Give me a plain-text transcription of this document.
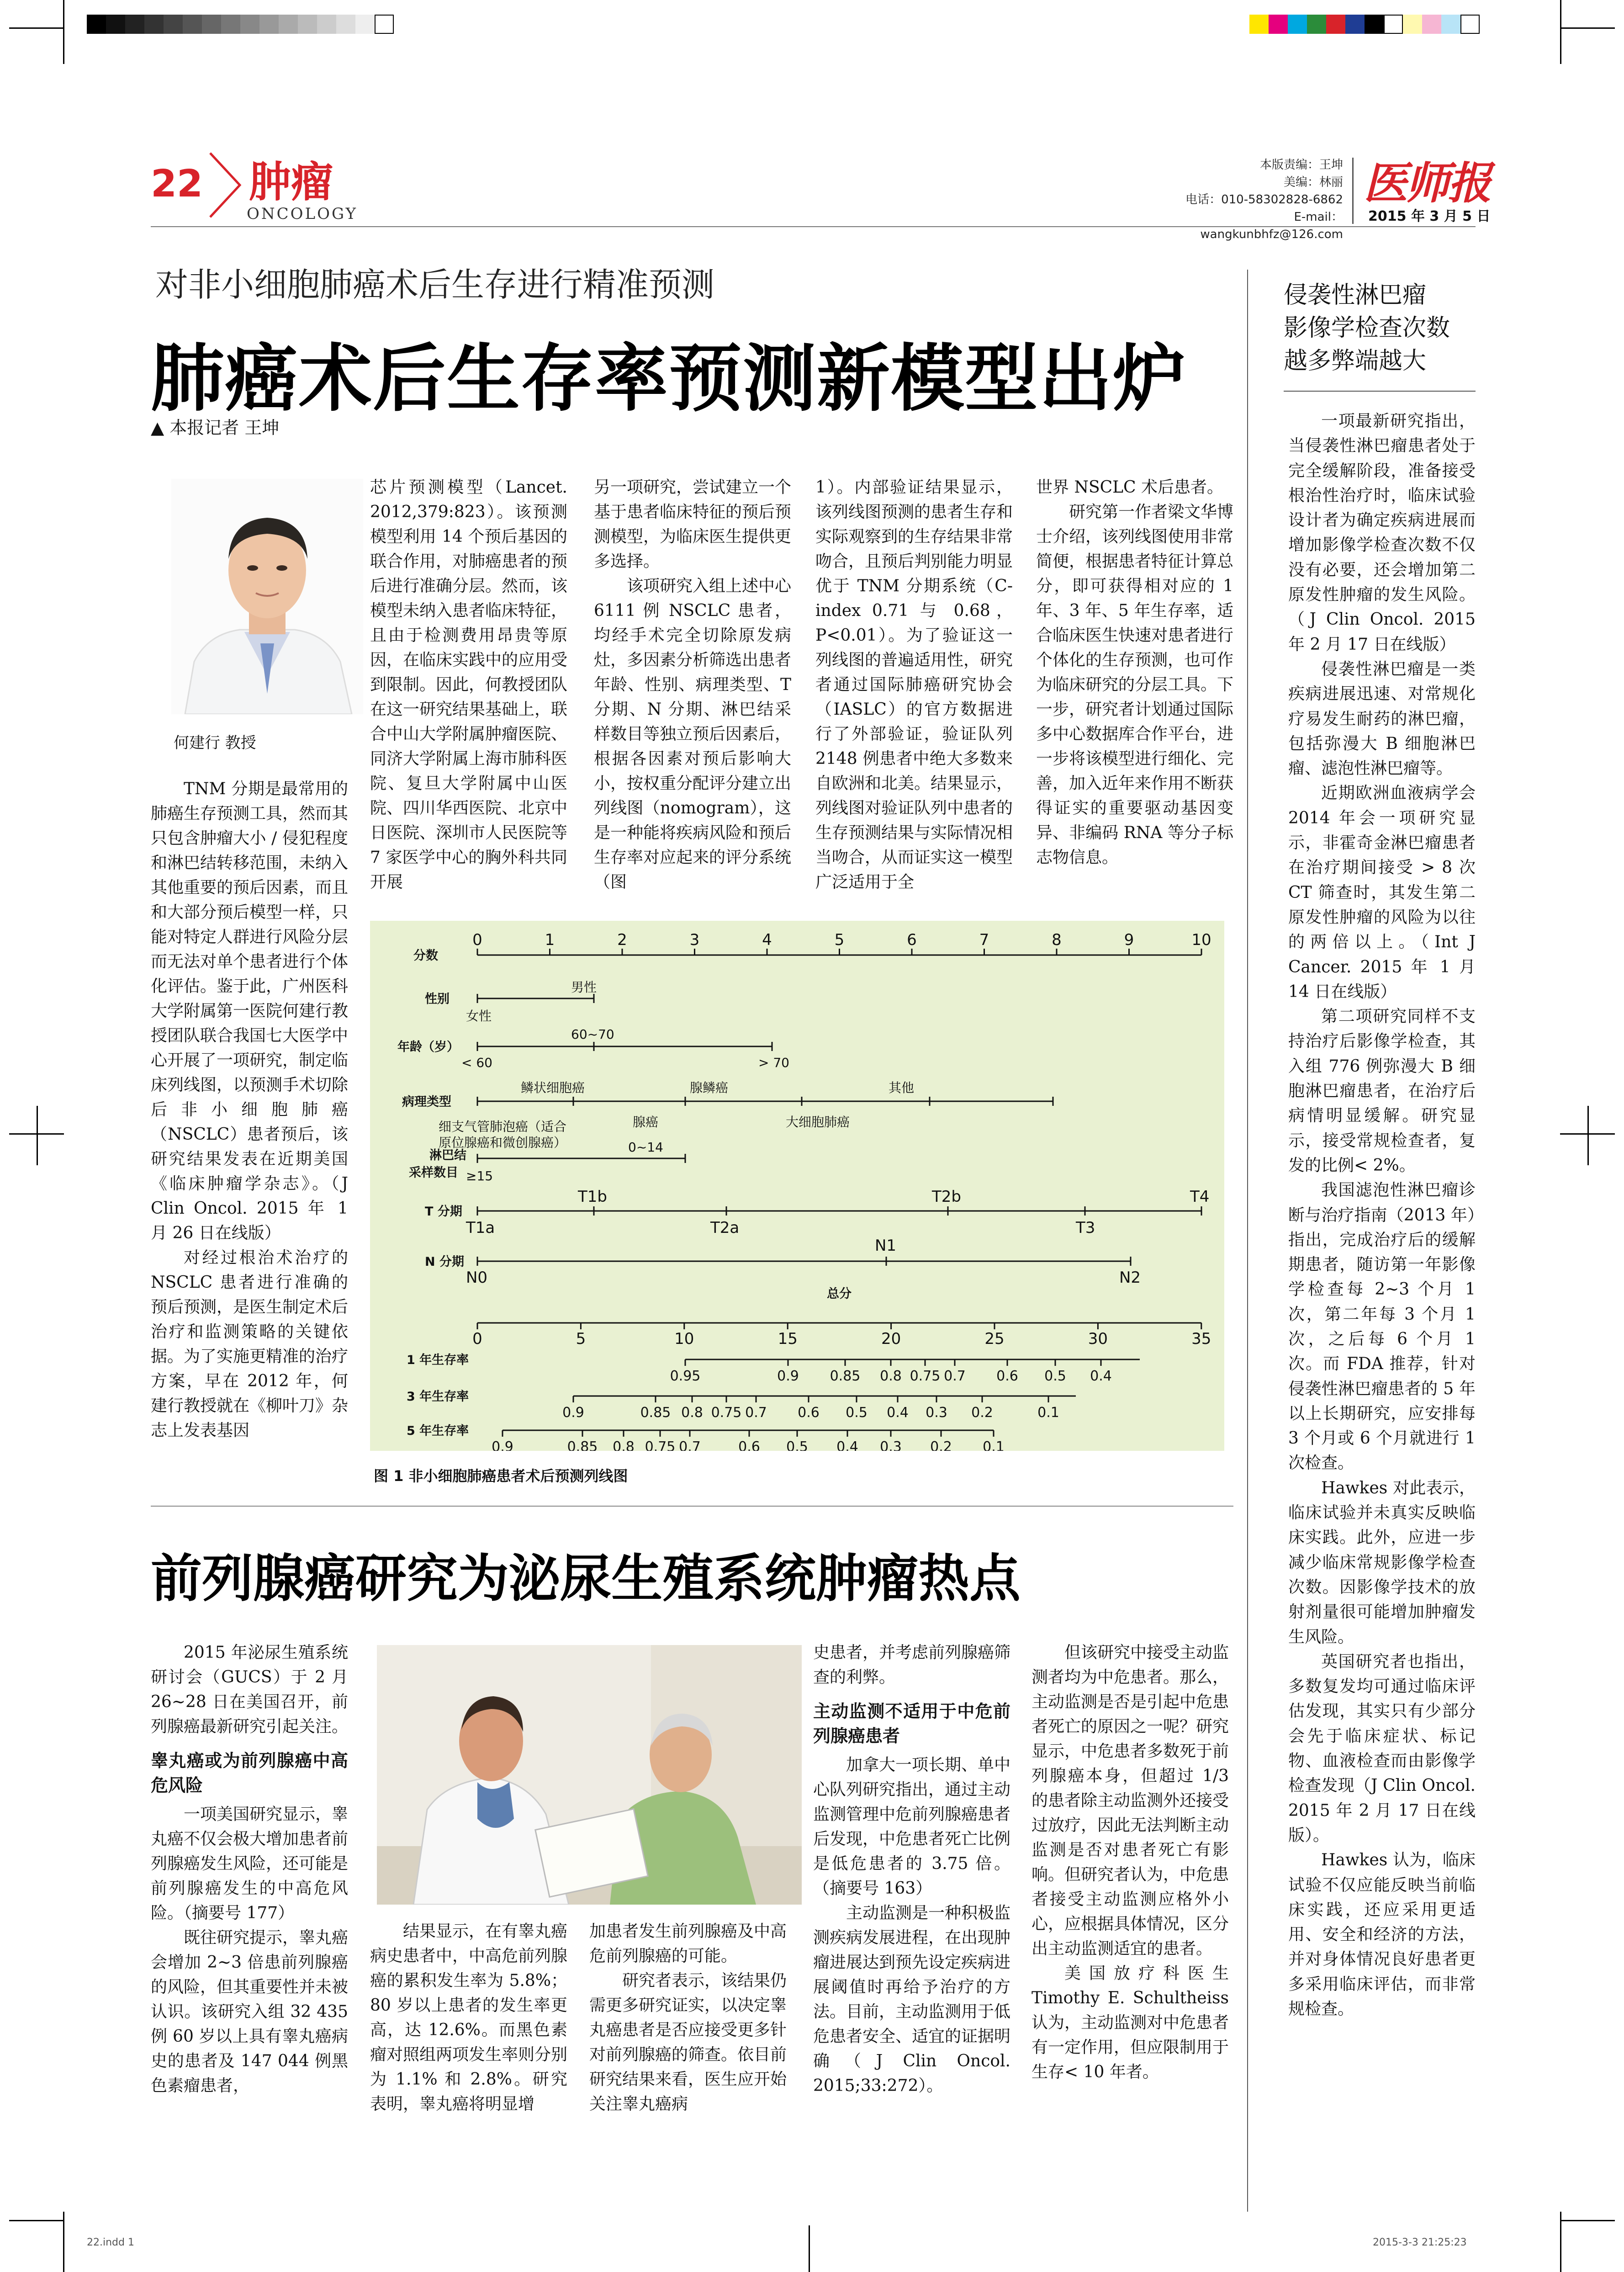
22 肿瘤
ONCOLOGY
本版责编：王坤
美编：林丽
电话：010-58302828-6862
E-mail：wangkunbhfz@126.com
医师报
2015 年 3 月 5 日
对非小细胞肺癌术后生存进行精准预测
肺癌术后生存率预测新模型出炉
▲ 本报记者 王坤
何建行 教授

TNM 分期是最常用的肺癌生存预测工具，然而其只包含肿瘤大小 / 侵犯程度和淋巴结转移范围，未纳入其他重要的预后因素，而且和大部分预后模型一样，只能对特定人群进行风险分层而无法对单个患者进行个体化评估。鉴于此，广州医科大学附属第一医院何建行教授团队联合我国七大医学中心开展了一项研究，制定临床列线图，以预测手术切除后非小细胞肺癌（NSCLC）患者预后，该研究结果发表在近期美国《临床肿瘤学杂志》。（J Clin Oncol. 2015 年 1 月 26 日在线版）

对经过根治术治疗的 NSCLC 患者进行准确的预后预测，是医生制定术后治疗和监测策略的关键依据。为了实施更精准的治疗方案，早在 2012 年，何建行教授就在《柳叶刀》杂志上发表基因

芯片预测模型（Lancet. 2012,379:823）。该预测模型利用 14 个预后基因的联合作用，对肺癌患者的预后进行准确分层。然而，该模型未纳入患者临床特征，且由于检测费用昂贵等原因，在临床实践中的应用受到限制。因此，何教授团队在这一研究结果基础上，联合中山大学附属肿瘤医院、同济大学附属上海市肺科医院、复旦大学附属中山医院、四川华西医院、北京中日医院、深圳市人民医院等 7 家医学中心的胸外科共同开展

另一项研究，尝试建立一个基于患者临床特征的预后预测模型，为临床医生提供更多选择。

该项研究入组上述中心 6111 例 NSCLC 患者，均经手术完全切除原发病灶，多因素分析筛选出患者年龄、性别、病理类型、T 分期、N 分期、淋巴结采样数目等独立预后因素后，根据各因素对预后影响大小，按权重分配评分建立出列线图（nomogram），这是一种能将疾病风险和预后生存率对应起来的评分系统（图

1）。内部验证结果显示，该列线图预测的患者生存和实际观察到的生存结果非常吻合，且预后判别能力明显优于 TNM 分期系统（C-index 0.71 与 0.68，P<0.01）。为了验证这一列线图的普遍适用性，研究者通过国际肺癌研究协会（IASLC）的官方数据进行了外部验证，验证队列 2148 例患者中绝大多数来自欧洲和北美。结果显示，列线图对验证队列中患者的生存预测结果与实际情况相当吻合，从而证实这一模型广泛适用于全

世界 NSCLC 术后患者。

研究第一作者梁文华博士介绍，该列线图使用非常简便，根据患者特征计算总分，即可获得相对应的 1 年、3 年、5 年生存率，适合临床医生快速对患者进行个体化的生存预测，也可作为临床研究的分层工具。下一步，研究者计划通过国际多中心数据库合作平台，进一步将该模型进行细化、完善，加入近年来作用不断获得证实的重要驱动基因变异、非编码 RNA 等分子标志物信息。

0	1	2	3	4	5	6	7	8	9	10
0	5	10	15	20	25	30	35
0.95	0.9 0.85 0.8 0.75 0.7 0.6 0.5 0.4
0.9	0.85 0.8 0.75 0.7 0.6 0.5 0.4 0.3 0.2	0.1
0.9	0.85 0.8 0.75 0.7	0.6 0.5 0.4 0.3 0.2 0.1
分数
性别
年龄（岁）
病理类型
淋巴结
采样数目
T 分期
N 分期
1 年生存率
3 年生存率
5 年生存率
总分
男性
女性
60~70
< 60	> 70
鳞状细胞癌	腺鳞癌	其他
细支气管肺泡癌（适合
原位腺癌和微创腺癌）
腺癌	大细胞肺癌
0~14
≥15
T1b	T2b	T4
T1a	T2a	T3
N1
N0	N2
图 1 非小细胞肺癌患者术后预测列线图
侵袭性淋巴瘤
影像学检查次数
越多弊端越大

一项最新研究指出，当侵袭性淋巴瘤患者处于完全缓解阶段，准备接受根治性治疗时，临床试验设计者为确定疾病进展而增加影像学检查次数不仅没有必要，还会增加第二原发性肿瘤的发生风险。（J Clin Oncol. 2015 年 2 月 17 日在线版）

侵袭性淋巴瘤是一类疾病进展迅速、对常规化疗易发生耐药的淋巴瘤，包括弥漫大 B 细胞淋巴瘤、滤泡性淋巴瘤等。

近期欧洲血液病学会 2014 年会一项研究显示，非霍奇金淋巴瘤患者在治疗期间接受 > 8 次 CT 筛查时，其发生第二原发性肿瘤的风险为以往的两倍以上。（Int J Cancer. 2015 年 1 月 14 日在线版）

第二项研究同样不支持治疗后影像学检查，其入组 776 例弥漫大 B 细胞淋巴瘤患者，在治疗后病情明显缓解。研究显示，接受常规检查者，复发的比例< 2%。

我国滤泡性淋巴瘤诊断与治疗指南（2013 年）指出，完成治疗后的缓解期患者，随访第一年影像学检查每 2~3 个月 1 次，第二年每 3 个月 1 次，之后每 6 个月 1 次。而 FDA 推荐，针对侵袭性淋巴瘤患者的 5 年以上长期研究，应安排每 3 个月或 6 个月就进行 1 次检查。

Hawkes 对此表示，临床试验并未真实反映临床实践。此外，应进一步减少临床常规影像学检查次数。因影像学技术的放射剂量很可能增加肿瘤发生风险。

英国研究者也指出，多数复发均可通过临床评估发现，其实只有少部分会先于临床症状、标记物、血液检查而由影像学检查发现（J Clin Oncol. 2015 年 2 月 17 日在线版）。

Hawkes 认为，临床试验不仅应能反映当前临床实践，还应采用更适用、安全和经济的方法，并对身体情况良好患者更多采用临床评估，而非常规检查。

前列腺癌研究为泌尿生殖系统肿瘤热点

2015 年泌尿生殖系统研讨会（GUCS）于 2 月 26~28 日在美国召开，前列腺癌最新研究引起关注。

睾丸癌或为前列腺癌中高危风险

一项美国研究显示，睾丸癌不仅会极大增加患者前列腺癌发生风险，还可能是前列腺癌发生的中高危风险。（摘要号 177）

既往研究提示，睾丸癌会增加 2~3 倍患前列腺癌的风险，但其重要性并未被认识。该研究入组 32 435 例 60 岁以上具有睾丸癌病史的患者及 147 044 例黑色素瘤患者，

结果显示，在有睾丸癌病史患者中，中高危前列腺癌的累积发生率为 5.8%；80 岁以上患者的发生率更高，达 12.6%。而黑色素瘤对照组两项发生率则分别为 1.1% 和 2.8%。研究表明，睾丸癌将明显增

加患者发生前列腺癌及中高危前列腺癌的可能。

研究者表示，该结果仍需更多研究证实，以决定睾丸癌患者是否应接受更多针对前列腺癌的筛查。依目前研究结果来看，医生应开始关注睾丸癌病

史患者，并考虑前列腺癌筛查的利弊。

主动监测不适用于中危前列腺癌患者

加拿大一项长期、单中心队列研究指出，通过主动监测管理中危前列腺癌患者后发现，中危患者死亡比例是低危患者的 3.75 倍。（摘要号 163）

主动监测是一种积极监测疾病发展进程，在出现肿瘤进展达到预先设定疾病进展阈值时再给予治疗的方法。目前，主动监测用于低危患者安全、适宜的证据明确（J Clin Oncol. 2015;33:272）。

但该研究中接受主动监测者均为中危患者。那么，主动监测是否是引起中危患者死亡的原因之一呢？研究显示，中危患者多数死于前列腺癌本身，但超过 1/3 的患者除主动监测外还接受过放疗，因此无法判断主动监测是否对患者死亡有影响。但研究者认为，中危患者接受主动监测应格外小心，应根据具体情况，区分出主动监测适宜的患者。

美国放疗科医生 Timothy E. Schultheiss 认为，主动监测对中危患者有一定作用，但应限制用于生存< 10 年者。

22.indd 1	2015-3-3 21:25:23
